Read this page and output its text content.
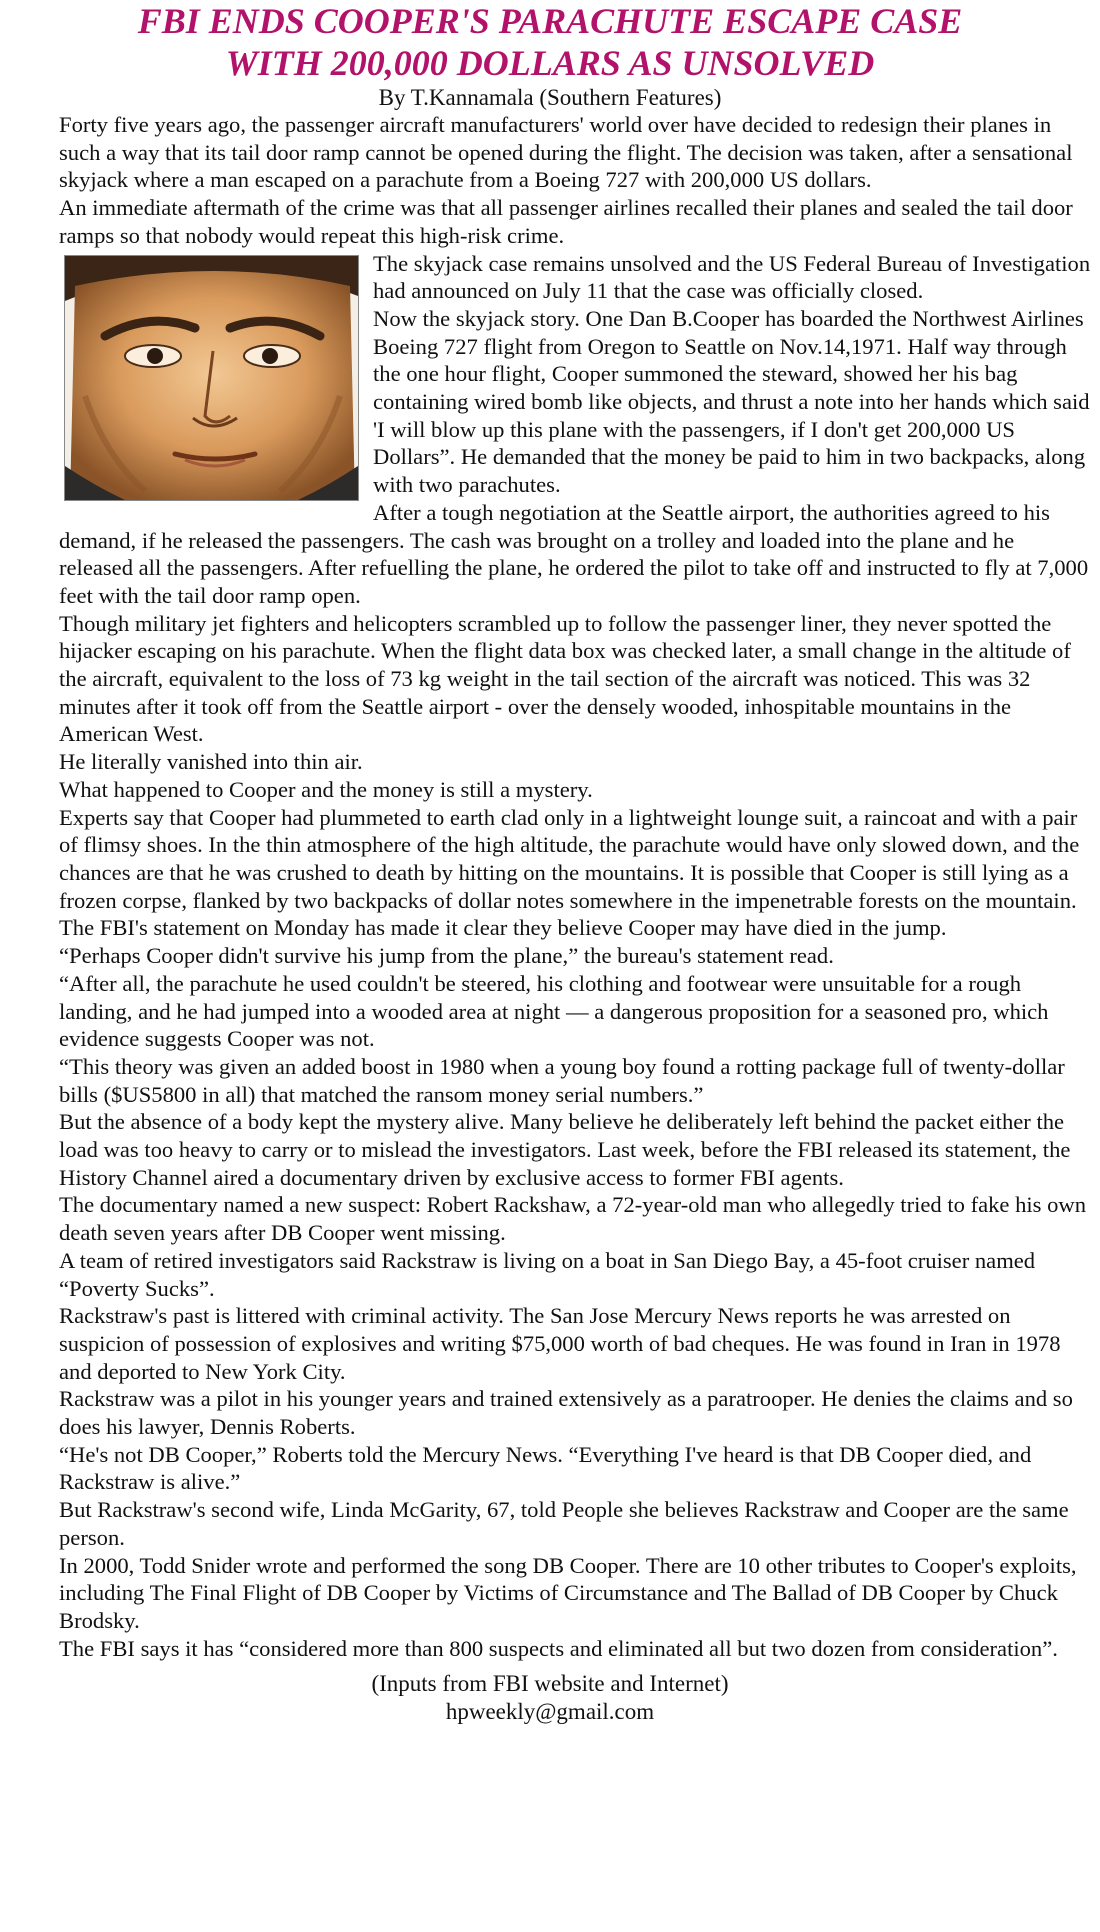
FBI ENDS COOPER'S PARACHUTE ESCAPE CASE
WITH 200,000 DOLLARS AS UNSOLVED

By T.Kannamala (Southern Features)

Forty five years ago, the passenger aircraft manufacturers' world over have decided to redesign their planes in such a way that its tail door ramp cannot be opened during the flight. The decision was taken, after a sensational skyjack where a man escaped on a parachute from a Boeing 727 with 200,000 US dollars.

An immediate aftermath of the crime was that all passenger airlines recalled their planes and sealed the tail door ramps so that nobody would repeat this high-risk crime.

The skyjack case remains unsolved and the US Federal Bureau of Investigation had announced on July 11 that the case was officially closed.

Now the skyjack story. One Dan B.Cooper has boarded the Northwest Airlines Boeing 727 flight from Oregon to Seattle on Nov.14,1971. Half way through the one hour flight, Cooper summoned the steward, showed her his bag containing wired bomb like objects, and thrust a note into her hands which said 'I will blow up this plane with the passengers, if I don't get 200,000 US Dollars”. He demanded that the money be paid to him in two backpacks, along with two parachutes.

After a tough negotiation at the Seattle airport, the authorities agreed to his demand, if he released the passengers. The cash was brought on a trolley and loaded into the plane and he released all the passengers. After refuelling the plane, he ordered the pilot to take off and instructed to fly at 7,000 feet with the tail door ramp open.

Though military jet fighters and helicopters scrambled up to follow the passenger liner, they never spotted the hijacker escaping on his parachute. When the flight data box was checked later, a small change in the altitude of the aircraft, equivalent to the loss of 73 kg weight in the tail section of the aircraft was noticed. This was 32 minutes after it took off from the Seattle airport - over the densely wooded, inhospitable mountains in the American West.

He literally vanished into thin air.

What happened to Cooper and the money is still a mystery.

Experts say that Cooper had plummeted to earth clad only in a lightweight lounge suit, a raincoat and with a pair of flimsy shoes. In the thin atmosphere of the high altitude, the parachute would have only slowed down, and the chances are that he was crushed to death by hitting on the mountains. It is possible that Cooper is still lying as a frozen corpse, flanked by two backpacks of dollar notes somewhere in the impenetrable forests on the mountain.

The FBI's statement on Monday has made it clear they believe Cooper may have died in the jump.

“Perhaps Cooper didn't survive his jump from the plane,” the bureau's statement read.

“After all, the parachute he used couldn't be steered, his clothing and footwear were unsuitable for a rough landing, and he had jumped into a wooded area at night — a dangerous proposition for a seasoned pro, which evidence suggests Cooper was not.

“This theory was given an added boost in 1980 when a young boy found a rotting package full of twenty-dollar bills ($US5800 in all) that matched the ransom money serial numbers.”

But the absence of a body kept the mystery alive. Many believe he deliberately left behind the packet either the load was too heavy to carry or to mislead the investigators. Last week, before the FBI released its statement, the History Channel aired a documentary driven by exclusive access to former FBI agents.

The documentary named a new suspect: Robert Rackshaw, a 72-year-old man who allegedly tried to fake his own death seven years after DB Cooper went missing.

A team of retired investigators said Rackstraw is living on a boat in San Diego Bay, a 45-foot cruiser named “Poverty Sucks”.

Rackstraw's past is littered with criminal activity. The San Jose Mercury News reports he was arrested on suspicion of possession of explosives and writing $75,000 worth of bad cheques. He was found in Iran in 1978 and deported to New York City.

Rackstraw was a pilot in his younger years and trained extensively as a paratrooper. He denies the claims and so does his lawyer, Dennis Roberts.

“He's not DB Cooper,” Roberts told the Mercury News. “Everything I've heard is that DB Cooper died, and Rackstraw is alive.”

But Rackstraw's second wife, Linda McGarity, 67, told People she believes Rackstraw and Cooper are the same person.

In 2000, Todd Snider wrote and performed the song DB Cooper. There are 10 other tributes to Cooper's exploits, including The Final Flight of DB Cooper by Victims of Circumstance and The Ballad of DB Cooper by Chuck Brodsky.

The FBI says it has “considered more than 800 suspects and eliminated all but two dozen from consideration”.

(Inputs from FBI website and Internet)
hpweekly@gmail.com
